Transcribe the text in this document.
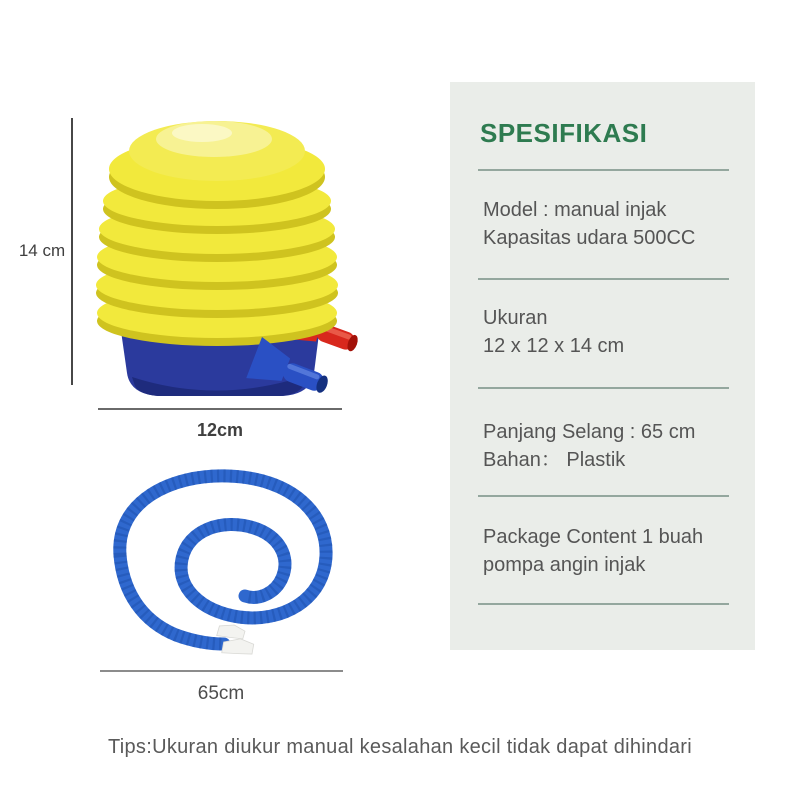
14 cm
12cm
65cm
SPESIFIKASI
Model : manual injak
Kapasitas udara 500CC
Ukuran
12 x 12 x 14 cm
Panjang Selang : 65 cm
Bahan： Plastik
Package Content 1 buah
pompa angin injak
Tips:Ukuran diukur manual kesalahan kecil tidak dapat dihindari
